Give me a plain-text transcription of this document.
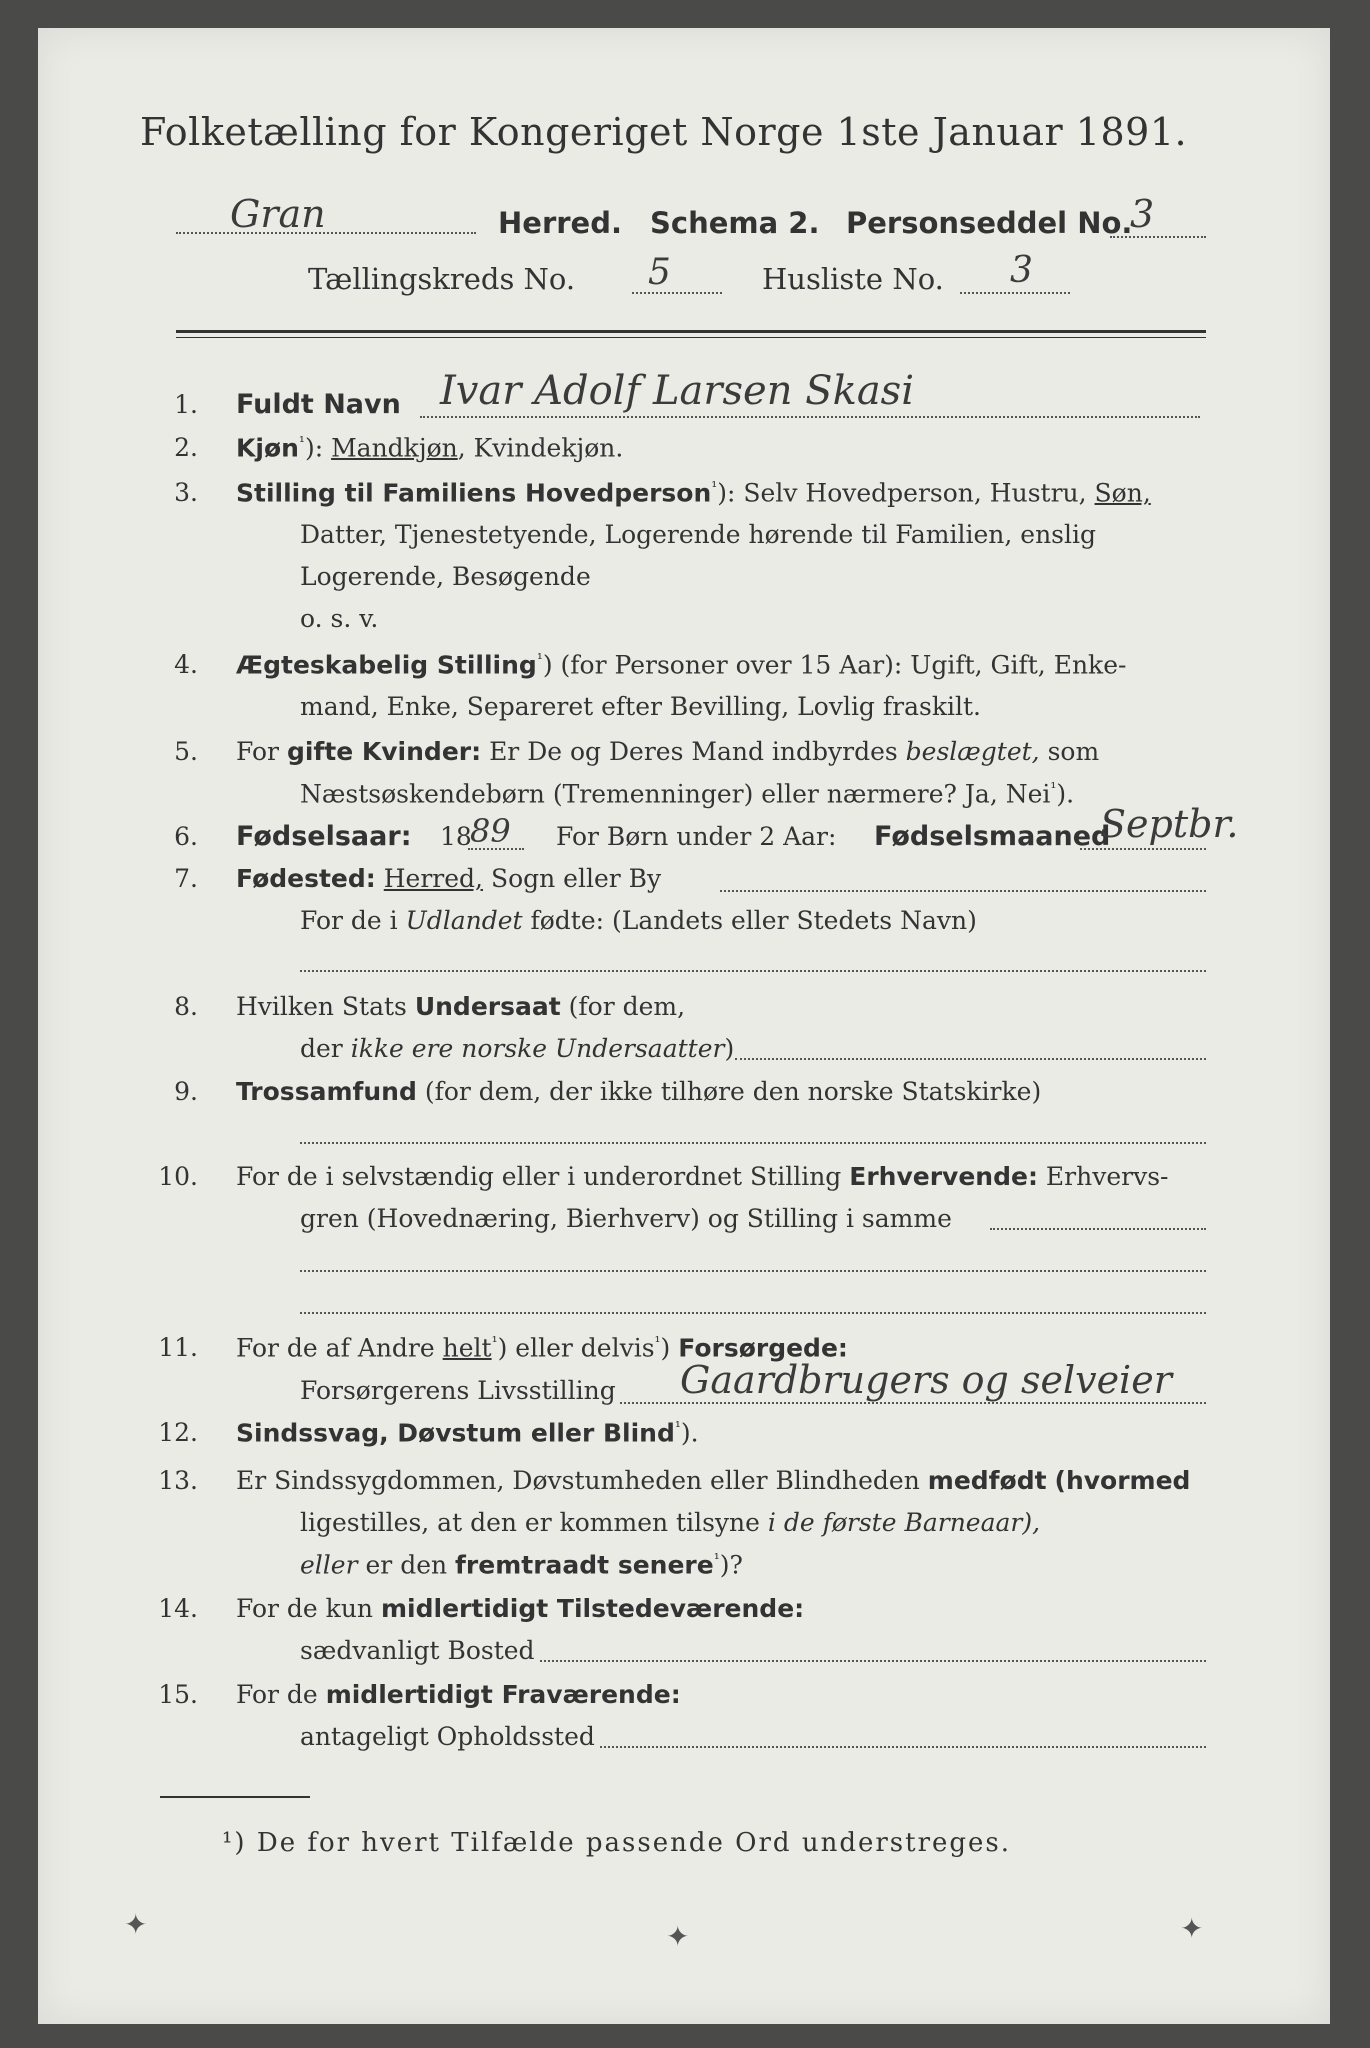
Folketælling for Kongeriget Norge 1ste Januar 1891.
Gran	Herred. Schema 2. Personseddel No.
3
Tællingskreds No. 5	Husliste No. 3
1. Fuldt Navn Ivar Adolf Larsen Skasi
2. Kjøn$^{^1}$): Mandkjøn, Kvindekjøn.
3. Stilling til Familiens Hovedperson$^{^1}$): Selv Hovedperson, Hustru, Søn,
Datter, Tjenestetyende, Logerende hørende til Familien, enslig
Logerende, Besøgende
o. s. v.
4. Ægteskabelig Stilling$^{^1}$) (for Personer over 15 Aar): Ugift, Gift, Enke-
mand, Enke, Separeret efter Bevilling, Lovlig fraskilt.
5. For gifte Kvinder: Er De og Deres Mand indbyrdes beslægtet, som
Næstsøskendebørn (Tremenninger) eller nærmere? Ja, Nei$^{^1}$).
6. Fødselsaar: 18
89 For Børn under 2 Aar: Fødselsmaaned
Septbr.
7. Fødested: Herred, Sogn eller By
For de i Udlandet fødte: (Landets eller Stedets Navn)
8. Hvilken Stats Undersaat (for dem,
der ikke ere norske Undersaatter)
9. Trossamfund (for dem, der ikke tilhøre den norske Statskirke)
10. For de i selvstændig eller i underordnet Stilling Erhvervende: Erhvervs-
gren (Hovednæring, Bierhverv) og Stilling i samme
11. For de af Andre helt$^{^1}$) eller delvis$^{^1}$) Forsørgede:
Forsørgerens Livsstilling Gaardbrugers og selveier
12. Sindssvag, Døvstum eller Blind$^{^1}$).
13. Er Sindssygdommen, Døvstumheden eller Blindheden medfødt (hvormed
ligestilles, at den er kommen tilsyne i de første Barneaar),
eller er den fremtraadt senere$^{^1}$)?
14. For de kun midlertidigt Tilstedeværende:
sædvanligt Bosted
15. For de midlertidigt Fraværende:
antageligt Opholdssted
¹) De for hvert Tilfælde passende Ord understreges.
✦	✦	✦
